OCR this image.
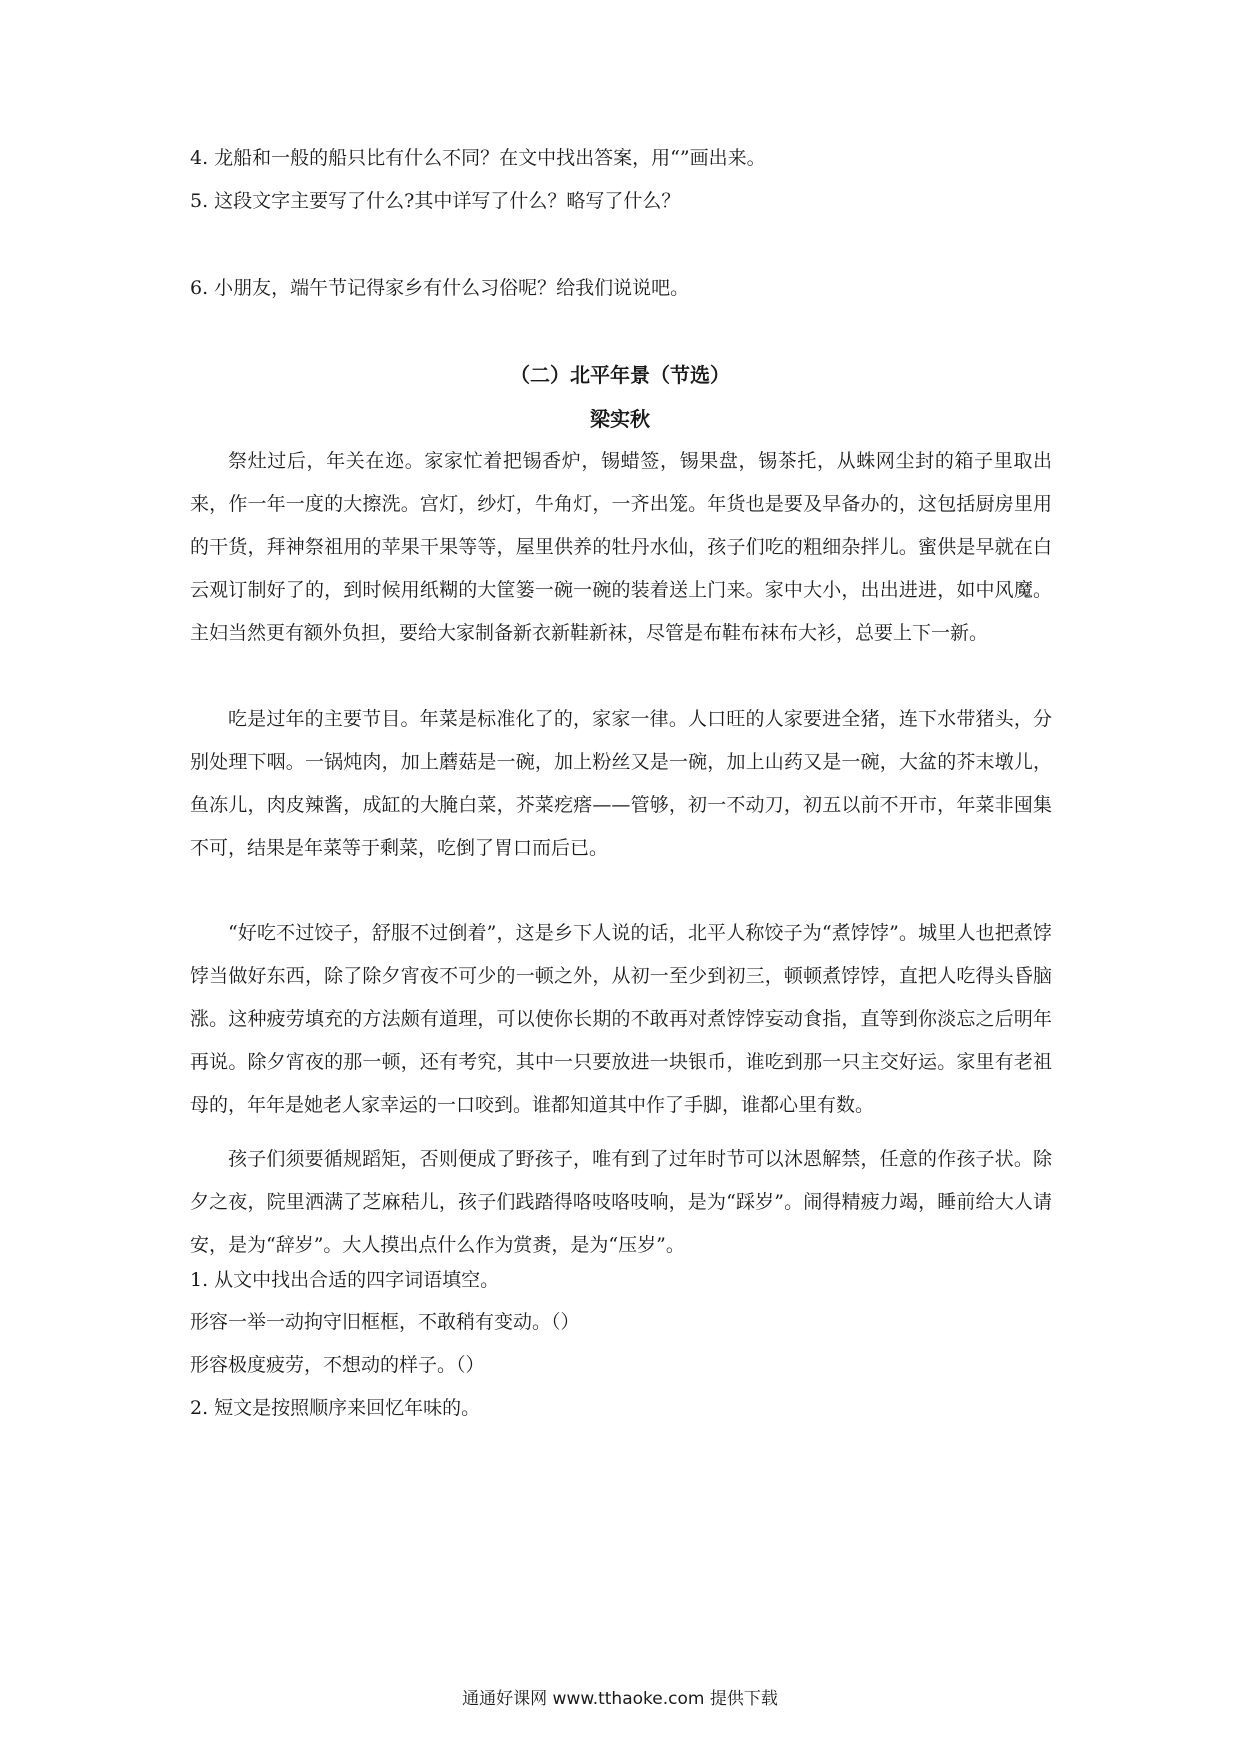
4. 龙船和一般的船只比有什么不同？在文中找出答案，用“”画出来。
5. 这段文字主要写了什么?其中详写了什么？略写了什么？
6. 小朋友，端午节记得家乡有什么习俗呢？给我们说说吧。
（二）北平年景（节选）
梁实秋
祭灶过后，年关在迩。家家忙着把锡香炉，锡蜡签，锡果盘，锡茶托，从蛛网尘封的箱子里取出来，作一年一度的大擦洗。宫灯，纱灯，牛角灯，一齐出笼。年货也是要及早备办的，这包括厨房里用的干货，拜神祭祖用的苹果干果等等，屋里供养的牡丹水仙，孩子们吃的粗细杂拌儿。蜜供是早就在白云观订制好了的，到时候用纸糊的大筐篓一碗一碗的装着送上门来。家中大小，出出进进，如中风魔。主妇当然更有额外负担，要给大家制备新衣新鞋新袜，尽管是布鞋布袜布大衫，总要上下一新。
吃是过年的主要节目。年菜是标准化了的，家家一律。人口旺的人家要进全猪，连下水带猪头，分别处理下咽。一锅炖肉，加上蘑菇是一碗，加上粉丝又是一碗，加上山药又是一碗，大盆的芥末墩儿，鱼冻儿，肉皮辣酱，成缸的大腌白菜，芥菜疙瘩——管够，初一不动刀，初五以前不开市，年菜非囤集不可，结果是年菜等于剩菜，吃倒了胃口而后已。
“好吃不过饺子，舒服不过倒着”，这是乡下人说的话，北平人称饺子为“煮饽饽”。城里人也把煮饽饽当做好东西，除了除夕宵夜不可少的一顿之外，从初一至少到初三，顿顿煮饽饽，直把人吃得头昏脑涨。这种疲劳填充的方法颇有道理，可以使你长期的不敢再对煮饽饽妄动食指，直等到你淡忘之后明年再说。除夕宵夜的那一顿，还有考究，其中一只要放进一块银币，谁吃到那一只主交好运。家里有老祖母的，年年是她老人家幸运的一口咬到。谁都知道其中作了手脚，谁都心里有数。
孩子们须要循规蹈矩，否则便成了野孩子，唯有到了过年时节可以沐恩解禁，任意的作孩子状。除夕之夜，院里洒满了芝麻秸儿，孩子们践踏得咯吱咯吱响，是为“踩岁”。闹得精疲力竭，睡前给大人请安，是为“辞岁”。大人摸出点什么作为赏赉，是为“压岁”。
1. 从文中找出合适的四字词语填空。
形容一举一动拘守旧框框，不敢稍有变动。（）
形容极度疲劳，不想动的样子。（）
2. 短文是按照顺序来回忆年味的。
通通好课网 www.tthaoke.com 提供下载
